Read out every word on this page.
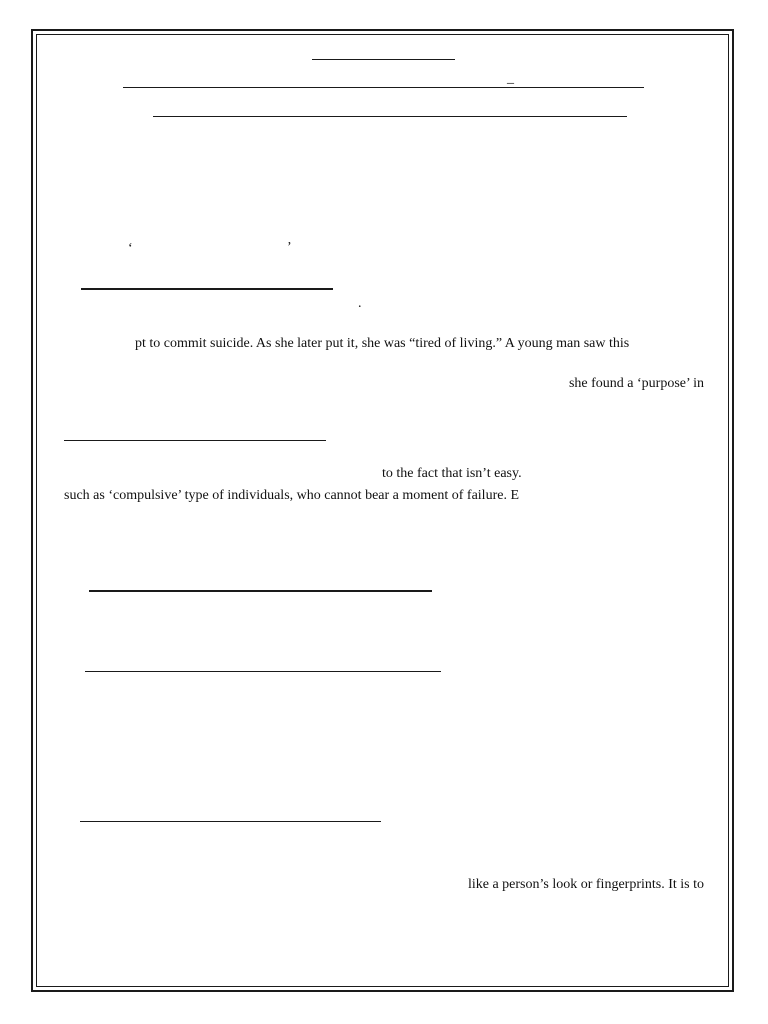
_
‘	’
.
pt to commit suicide. As she later put it, she was “tired of living.” A young man saw this
she found a ‘purpose’ in
to the fact that isn’t easy.
such as ‘compulsive’ type of individuals, who cannot bear a moment of failure. E
like a person’s look or fingerprints. It is to
